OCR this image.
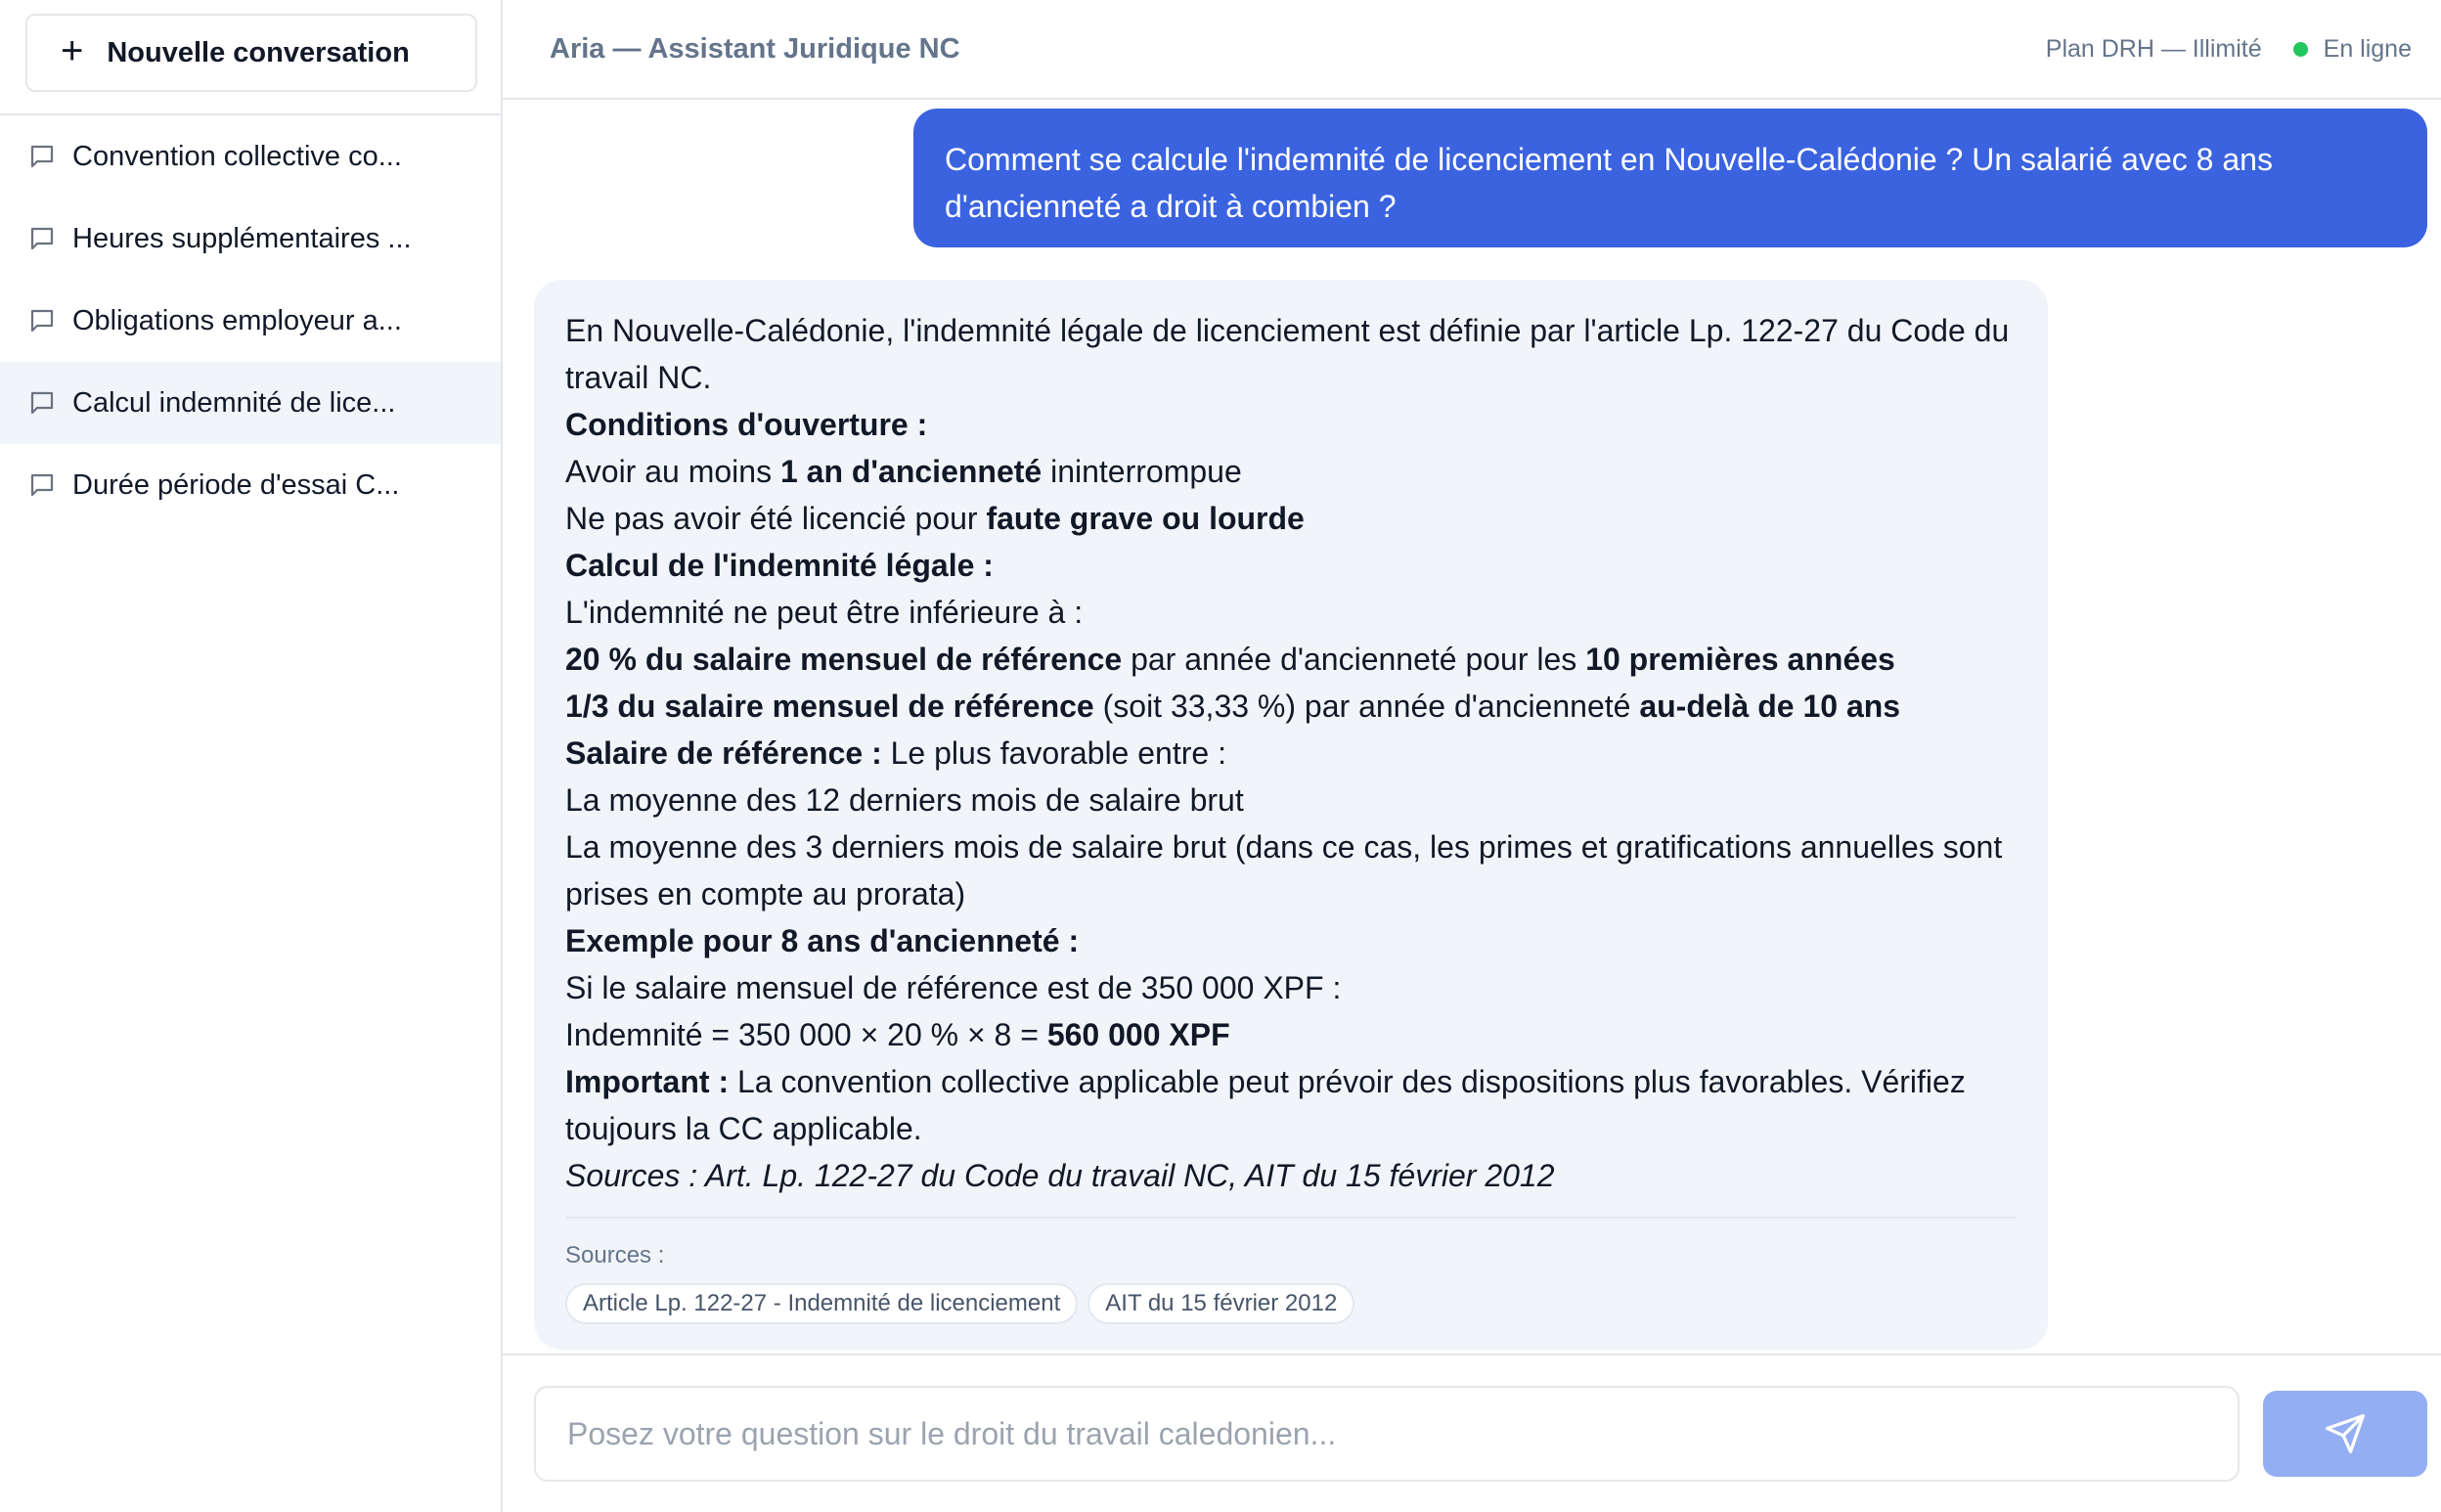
+ Nouvelle conversation
Convention collective co...
Heures supplémentaires ...
Obligations employeur a...
Calcul indemnité de lice...
Durée période d'essai C...
Aria — Assistant Juridique NC	Plan DRH — Illimité	En ligne
Comment se calcule l'indemnité de licenciement en Nouvelle-Calédonie ? Un salarié avec 8 ans d'ancienneté a droit à combien ?

En Nouvelle-Calédonie, l'indemnité légale de licenciement est définie par l'article Lp. 122-27 du Code du travail NC.

Conditions d'ouverture :

Avoir au moins 1 an d'ancienneté ininterrompue

Ne pas avoir été licencié pour faute grave ou lourde

Calcul de l'indemnité légale :

L'indemnité ne peut être inférieure à :

20 % du salaire mensuel de référence par année d'ancienneté pour les 10 premières années

1/3 du salaire mensuel de référence (soit 33,33 %) par année d'ancienneté au-delà de 10 ans

Salaire de référence : Le plus favorable entre :

La moyenne des 12 derniers mois de salaire brut

La moyenne des 3 derniers mois de salaire brut (dans ce cas, les primes et gratifications annuelles sont prises en compte au prorata)

Exemple pour 8 ans d'ancienneté :

Si le salaire mensuel de référence est de 350 000 XPF :

Indemnité = 350 000 × 20 % × 8 = 560 000 XPF

Important : La convention collective applicable peut prévoir des dispositions plus favorables. Vérifiez toujours la CC applicable.

Sources : Art. Lp. 122-27 du Code du travail NC, AIT du 15 février 2012

Sources :
Article Lp. 122-27 - Indemnité de licenciement	AIT du 15 février 2012
Posez votre question sur le droit du travail caledonien...
